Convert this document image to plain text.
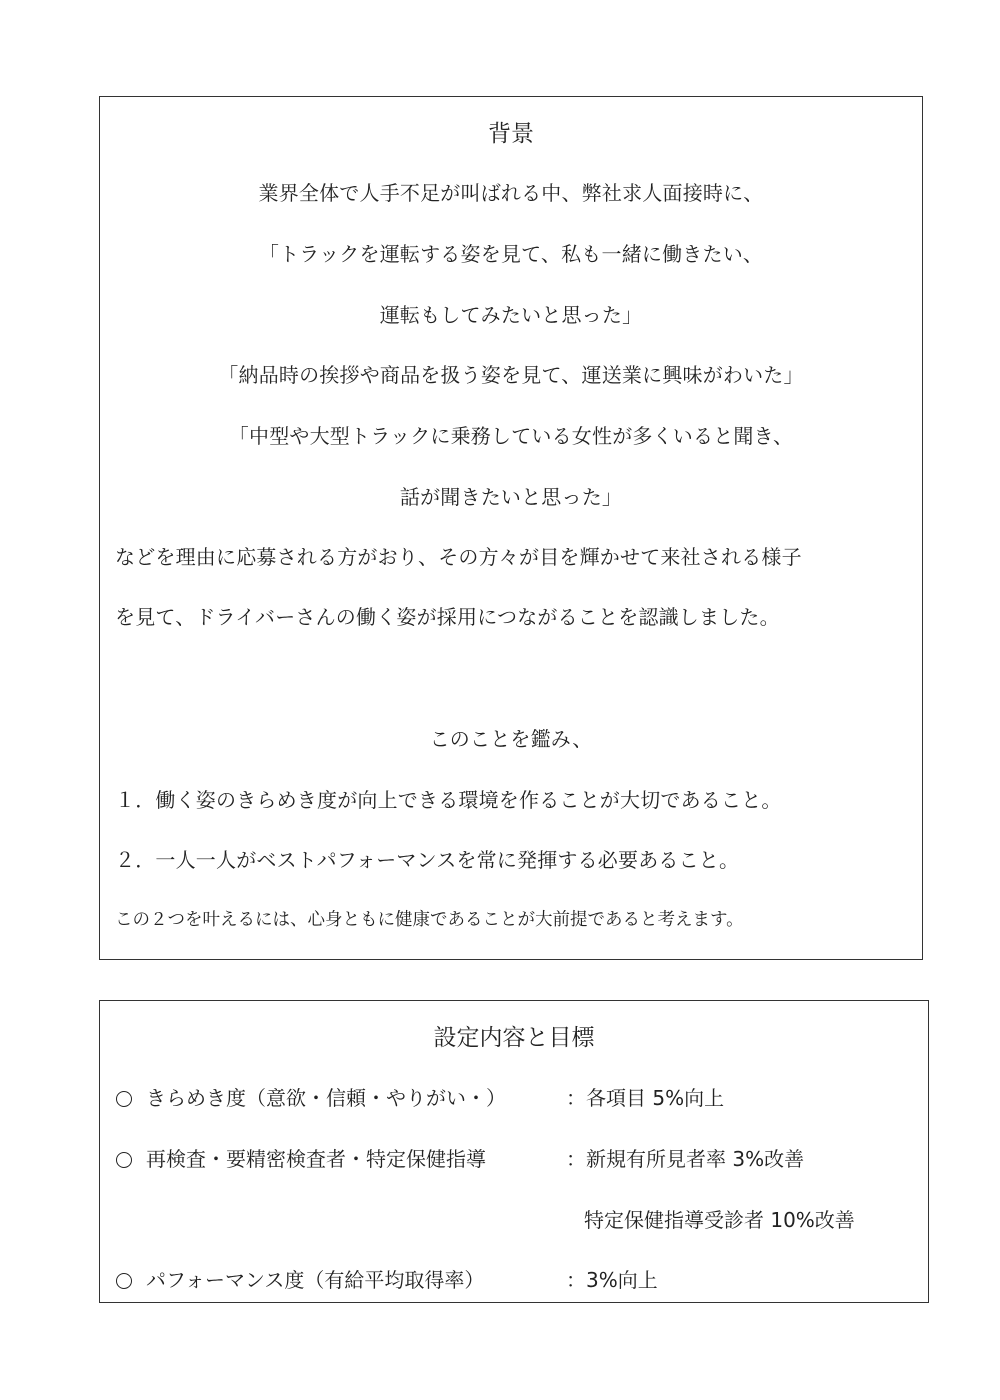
背景
業界全体で人手不足が叫ばれる中、弊社求人面接時に、
「トラックを運転する姿を見て、私も一緒に働きたい、
運転もしてみたいと思った」
「納品時の挨拶や商品を扱う姿を見て、運送業に興味がわいた」
「中型や大型トラックに乗務している女性が多くいると聞き、
話が聞きたいと思った」
などを理由に応募される方がおり、その方々が目を輝かせて来社される様子
を見て、ドライバーさんの働く姿が採用につながることを認識しました。
このことを鑑み、
１．働く姿のきらめき度が向上できる環境を作ることが大切であること。
２．一人一人がベストパフォーマンスを常に発揮する必要あること。
この２つを叶えるには、心身ともに健康であることが大前提であると考えます。
設定内容と目標
きらめき度（意欲・信頼・やりがい・）	：各項目 5%向上
再検査・要精密検査者・特定保健指導	：新規有所見者率 3%改善
特定保健指導受診者 10%改善
パフォーマンス度（有給平均取得率）	：3%向上
